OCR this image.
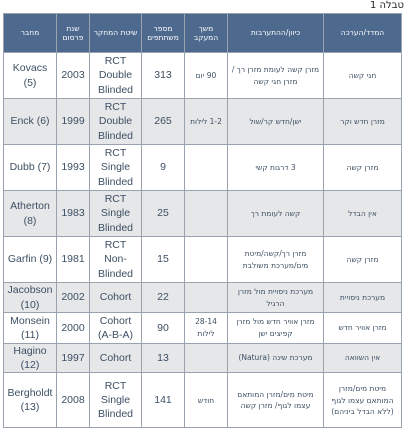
טבלה 1
המדד/הערכה	כיוון/ההתערבות	משך המעקב	מספר משתתפים	שיטת המחקר	שנת פרסום	מחבר
חגי קשה	מזרן קשה לעומת מזרן רך / מזרן חגי קשה	90 יום	313	RCT Double Blinded	2003	Kovacs (5)
מזרן חדש וקר	ישן/חדש קר/שול	1-2 לילות	265	RCT Double Blinded	1999	Enck (6)
מזרן קשה	3 דרגות קשי		9	RCT Single Blinded	1993	Dubb (7)
אין הבדל	קשה לעומת רך		25	RCT Single Blinded	1983	Atherton (8)
מזרן קשה	מזרן רך/קשה/מיטת מים/מערכת משולבת		15	RCT Non-Blinded	1981	Garfin (9)
מערכת ניסויית	מערכת ניסויית מול מזרן הרגיל		22	Cohort	2002	Jacobson (10)
מזרן אוויר חדש	מזרן אוויר חדש מול מזרן קפיצים ישן	28-14 לילות	90	Cohort (A-B-A)	2000	Monsein (11)
אין השוואה	מערכת שינה (Natura)		13	Cohort	1997	Hagino (12)
מיטת מים/מזרן המותאם עצמו לגוף (ללא הבדל ביניהם)	מיטת מים/מזרן המותאם עצמו לגוף/ מזרן קשה	חודש	141	RCT Single Blinded	2008	Bergholdt (13)
